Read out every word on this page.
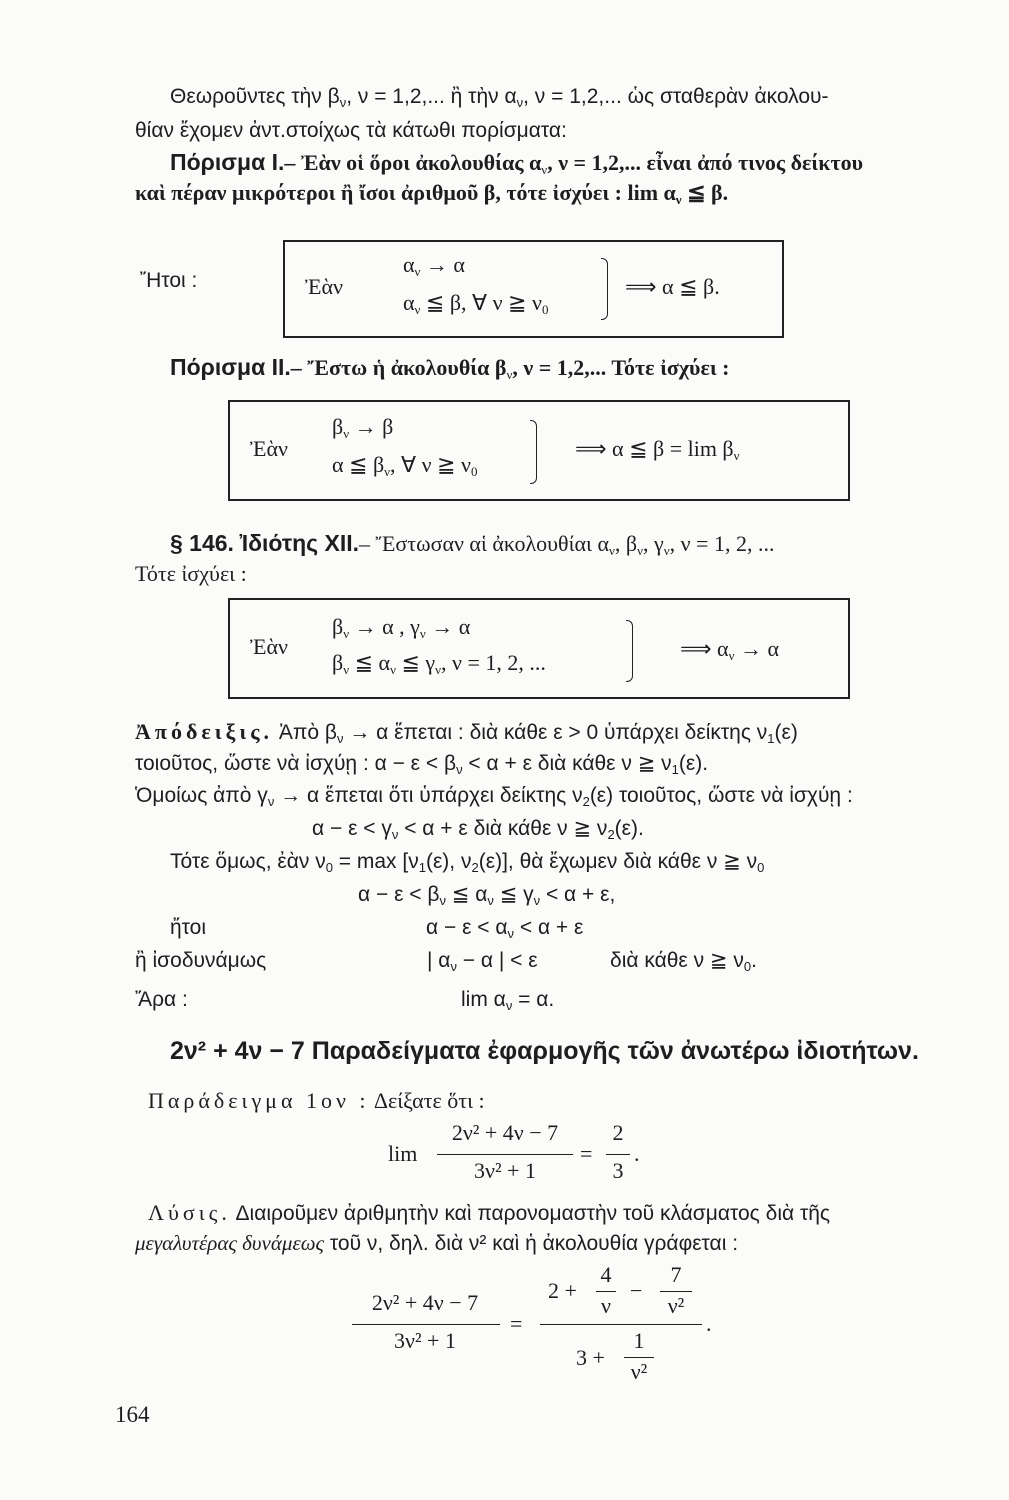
Θεωροῦντες τὴν $\beta_\nu$, ν = 1,2,... ἢ τὴν $\alpha_\nu$, ν = 1,2,... ὡς σταθερὰν ἀκολου-
θίαν ἔχομεν ἀντ.στοίχως τὰ κάτωθι πορίσματα:
Πόρισμα I.– Ἐὰν οἱ ὅροι ἀκολουθίας $\alpha_\nu$, ν = 1,2,... εἶναι ἀπό τινος δείκτου
καὶ πέραν μικρότεροι ἢ ἴσοι ἀριθμοῦ β, τότε ἰσχύει : $\lim \alpha_\nu$ ≦ β.
Ἤτοι :	Ἐὰν
$\alpha_\nu \to \alpha$
$\alpha_\nu$ ≦ β, ∀ ν ≧ $\nu_0$
⟹ α ≦ β.
Πόρισμα II.– Ἔστω ἡ ἀκολουθία $\beta_\nu$, ν = 1,2,... Τότε ἰσχύει :
Ἐὰν
$\beta_\nu \to \beta$
α ≦ $\beta_\nu$, ∀ ν ≧ $\nu_0$
⟹ α ≦ $\beta = \lim \beta_\nu$
§ 146. Ἰδιότης XII.– Ἔστωσαν αἱ ἀκολουθίαι $\alpha_\nu$, $\beta_\nu$, $\gamma_\nu$, ν = 1, 2, ...
Τότε ἰσχύει :
Ἐὰν
$\beta_\nu \to \alpha$ , $\gamma_\nu \to \alpha$
$\beta_\nu$ ≦ $\alpha_\nu$ ≦ $\gamma_\nu$, ν = 1, 2, ...
⟹ $\alpha_\nu \to \alpha$
Ἀπόδειξις. Ἀπὸ $\beta_\nu \to \alpha$ ἕπεται : διὰ κάθε ε > 0 ὑπάρχει δείκτης $\nu_1(\varepsilon)$
τοιοῦτος, ὥστε νὰ ἰσχύῃ : $\alpha - \varepsilon < \beta_\nu < \alpha + \varepsilon$ διὰ κάθε ν ≧ $\nu_1(\varepsilon)$.
Ὁμοίως ἀπὸ $\gamma_\nu \to \alpha$ ἕπεται ὅτι ὑπάρχει δείκτης $\nu_2(\varepsilon)$ τοιοῦτος, ὥστε νὰ ἰσχύῃ :
$\alpha - \varepsilon < \gamma_\nu < \alpha + \varepsilon$ διὰ κάθε ν ≧ $\nu_2(\varepsilon)$.
Τότε ὅμως, ἐὰν $\nu_0 = \max [\nu_1(\varepsilon)$, $\nu_2(\varepsilon)$], θὰ ἔχωμεν διὰ κάθε ν ≧ $\nu_0$
$\alpha - \varepsilon < \beta_\nu$ ≦ $\alpha_\nu$ ≦ $\gamma_\nu < \alpha + \varepsilon$,
ἤτοι	$\alpha - \varepsilon < \alpha_\nu < \alpha + \varepsilon$
ἢ ἰσοδυνάμως	| $\alpha_\nu - \alpha$ | < ε	διὰ κάθε ν ≧ $\nu_0$.
Ἄρα :	$\lim \alpha_\nu = \alpha$.
2ν² + 4ν − 7 Παραδείγματα ἐφαρμογῆς τῶν ἀνωτέρω ἰδιοτήτων.
Παράδειγμα 1ον : Δείξατε ὅτι :
lim
2ν² + 4ν − 7
3ν² + 1
=
2
3
.
Λύσις. Διαιροῦμεν ἀριθμητὴν καὶ παρονομαστὴν τοῦ κλάσματος διὰ τῆς
μεγαλυτέρας δυνάμεως τοῦ ν, δηλ. διὰ ν² καὶ ἡ ἀκολουθία γράφεται :
2ν² + 4ν − 7
3ν² + 1
=
2 +
4
ν
−
7
ν²
3 +
1
ν²
.
164
